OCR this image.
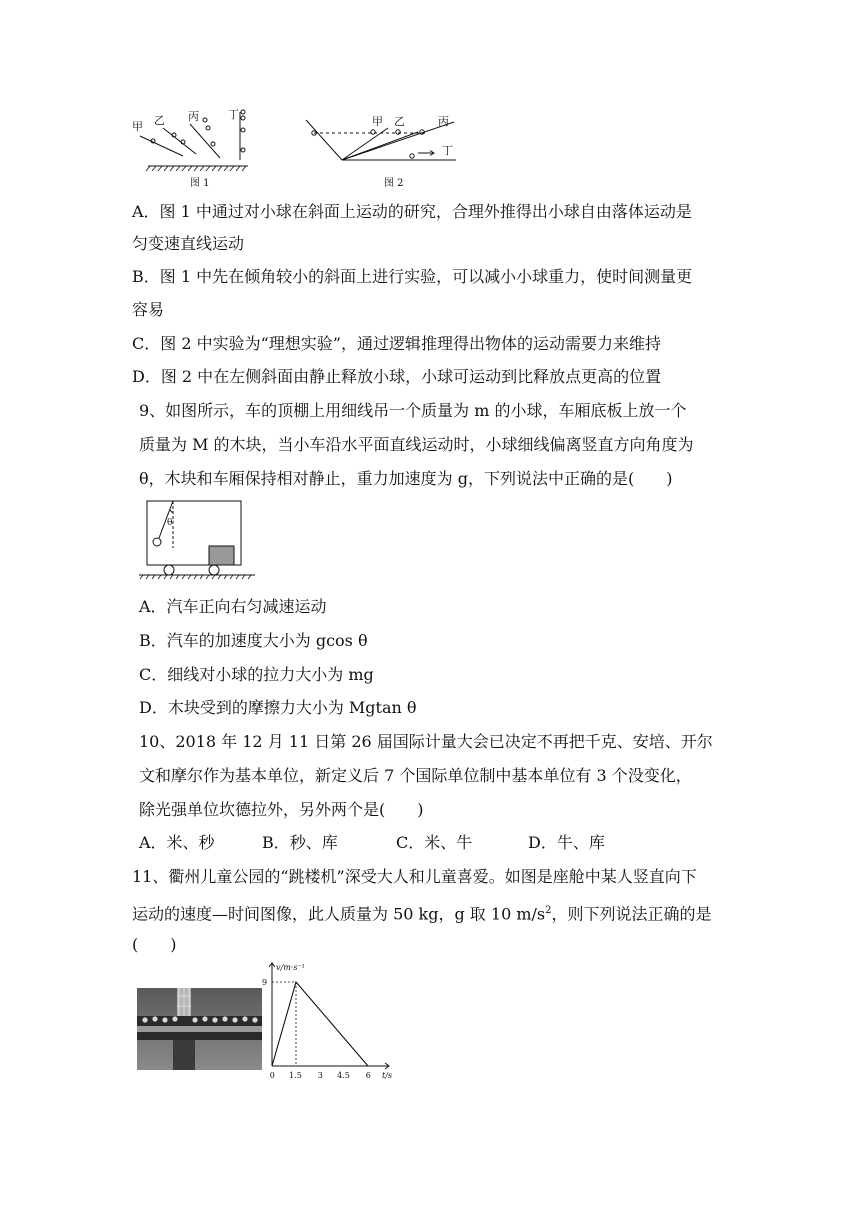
甲 乙 丙	丁
图 1
甲 乙	丙
丁
图 2
A．图 1 中通过对小球在斜面上运动的研究，合理外推得出小球自由落体运动是
匀变速直线运动
B．图 1 中先在倾角较小的斜面上进行实验，可以减小小球重力，使时间测量更
容易
C．图 2 中实验为“理想实验”，通过逻辑推理得出物体的运动需要力来维持
D．图 2 中在左侧斜面由静止释放小球，小球可运动到比释放点更高的位置
9、如图所示，车的顶棚上用细线吊一个质量为 m 的小球，车厢底板上放一个
质量为 M 的木块，当小车沿水平面直线运动时，小球细线偏离竖直方向角度为
θ，木块和车厢保持相对静止，重力加速度为 g，下列说法中正确的是(　　)
θ
A．汽车正向右匀减速运动
B．汽车的加速度大小为 gcos θ
C．细线对小球的拉力大小为 mg
D．木块受到的摩擦力大小为 Mgtan θ
10、2018 年 12 月 11 日第 26 届国际计量大会已决定不再把千克、安培、开尔
文和摩尔作为基本单位，新定义后 7 个国际单位制中基本单位有 3 个没变化，
除光强单位坎德拉外，另外两个是(　　)
A．米、秒	B．秒、库	C．米、牛	D．牛、库
11、衢州儿童公园的“跳楼机”深受大人和儿童喜爱。如图是座舱中某人竖直向下
运动的速度—时间图像，此人质量为 50 kg，g 取 10 $m/s^2$，则下列说法正确的是
(　　)
v/m·s⁻¹
t/s
0 1.5 3 4.5 6
9
